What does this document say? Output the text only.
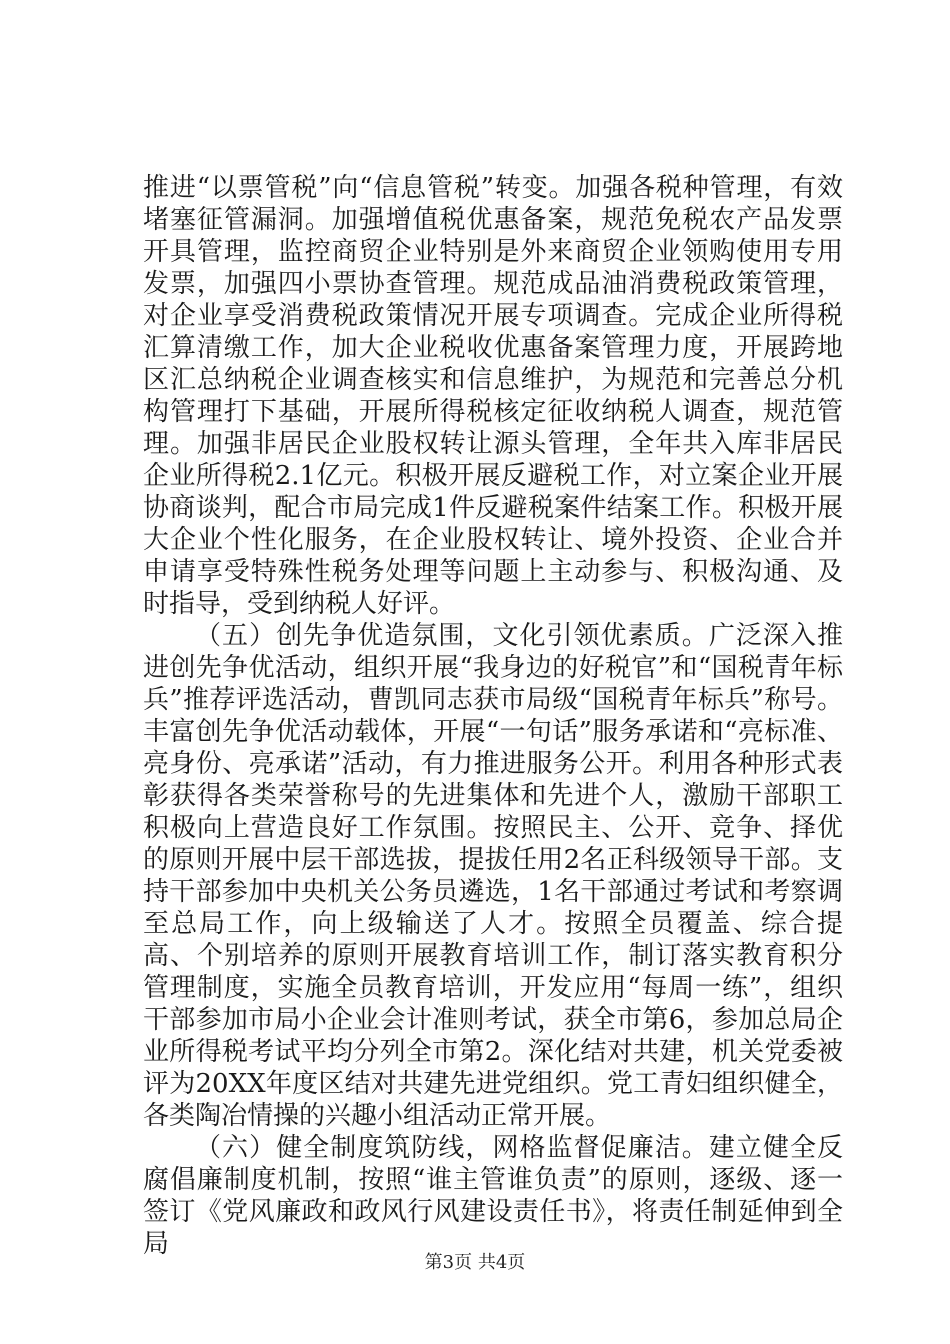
推进“以票管税”向“信息管税”转变。加强各税种管理，有效堵塞征管漏洞。加强增值税优惠备案，规范免税农产品发票开具管理，监控商贸企业特别是外来商贸企业领购使用专用发票，加强四小票协查管理。规范成品油消费税政策管理，对企业享受消费税政策情况开展专项调查。完成企业所得税汇算清缴工作，加大企业税收优惠备案管理力度，开展跨地区汇总纳税企业调查核实和信息维护，为规范和完善总分机构管理打下基础，开展所得税核定征收纳税人调查，规范管理。加强非居民企业股权转让源头管理，全年共入库非居民企业所得税2.1亿元。积极开展反避税工作，对立案企业开展协商谈判，配合市局完成1件反避税案件结案工作。积极开展大企业个性化服务，在企业股权转让、境外投资、企业合并申请享受特殊性税务处理等问题上主动参与、积极沟通、及时指导，受到纳税人好评。

（五）创先争优造氛围，文化引领优素质。广泛深入推进创先争优活动，组织开展“我身边的好税官”和“国税青年标兵”推荐评选活动，曹凯同志获市局级“国税青年标兵”称号。丰富创先争优活动载体，开展“一句话”服务承诺和“亮标准、亮身份、亮承诺”活动，有力推进服务公开。利用各种形式表彰获得各类荣誉称号的先进集体和先进个人，激励干部职工积极向上营造良好工作氛围。按照民主、公开、竞争、择优的原则开展中层干部选拔，提拔任用2名正科级领导干部。支持干部参加中央机关公务员遴选，1名干部通过考试和考察调至总局工作，向上级输送了人才。按照全员覆盖、综合提高、个别培养的原则开展教育培训工作，制订落实教育积分管理制度，实施全员教育培训，开发应用“每周一练”，组织干部参加市局小企业会计准则考试，获全市第6，参加总局企业所得税考试平均分列全市第2。深化结对共建，机关党委被评为20XX年度区结对共建先进党组织。党工青妇组织健全，各类陶冶情操的兴趣小组活动正常开展。

（六）健全制度筑防线，网格监督促廉洁。建立健全反腐倡廉制度机制，按照“谁主管谁负责”的原则，逐级、逐一签订《党风廉政和政风行风建设责任书》，将责任制延伸到全局

第3页 共4页
